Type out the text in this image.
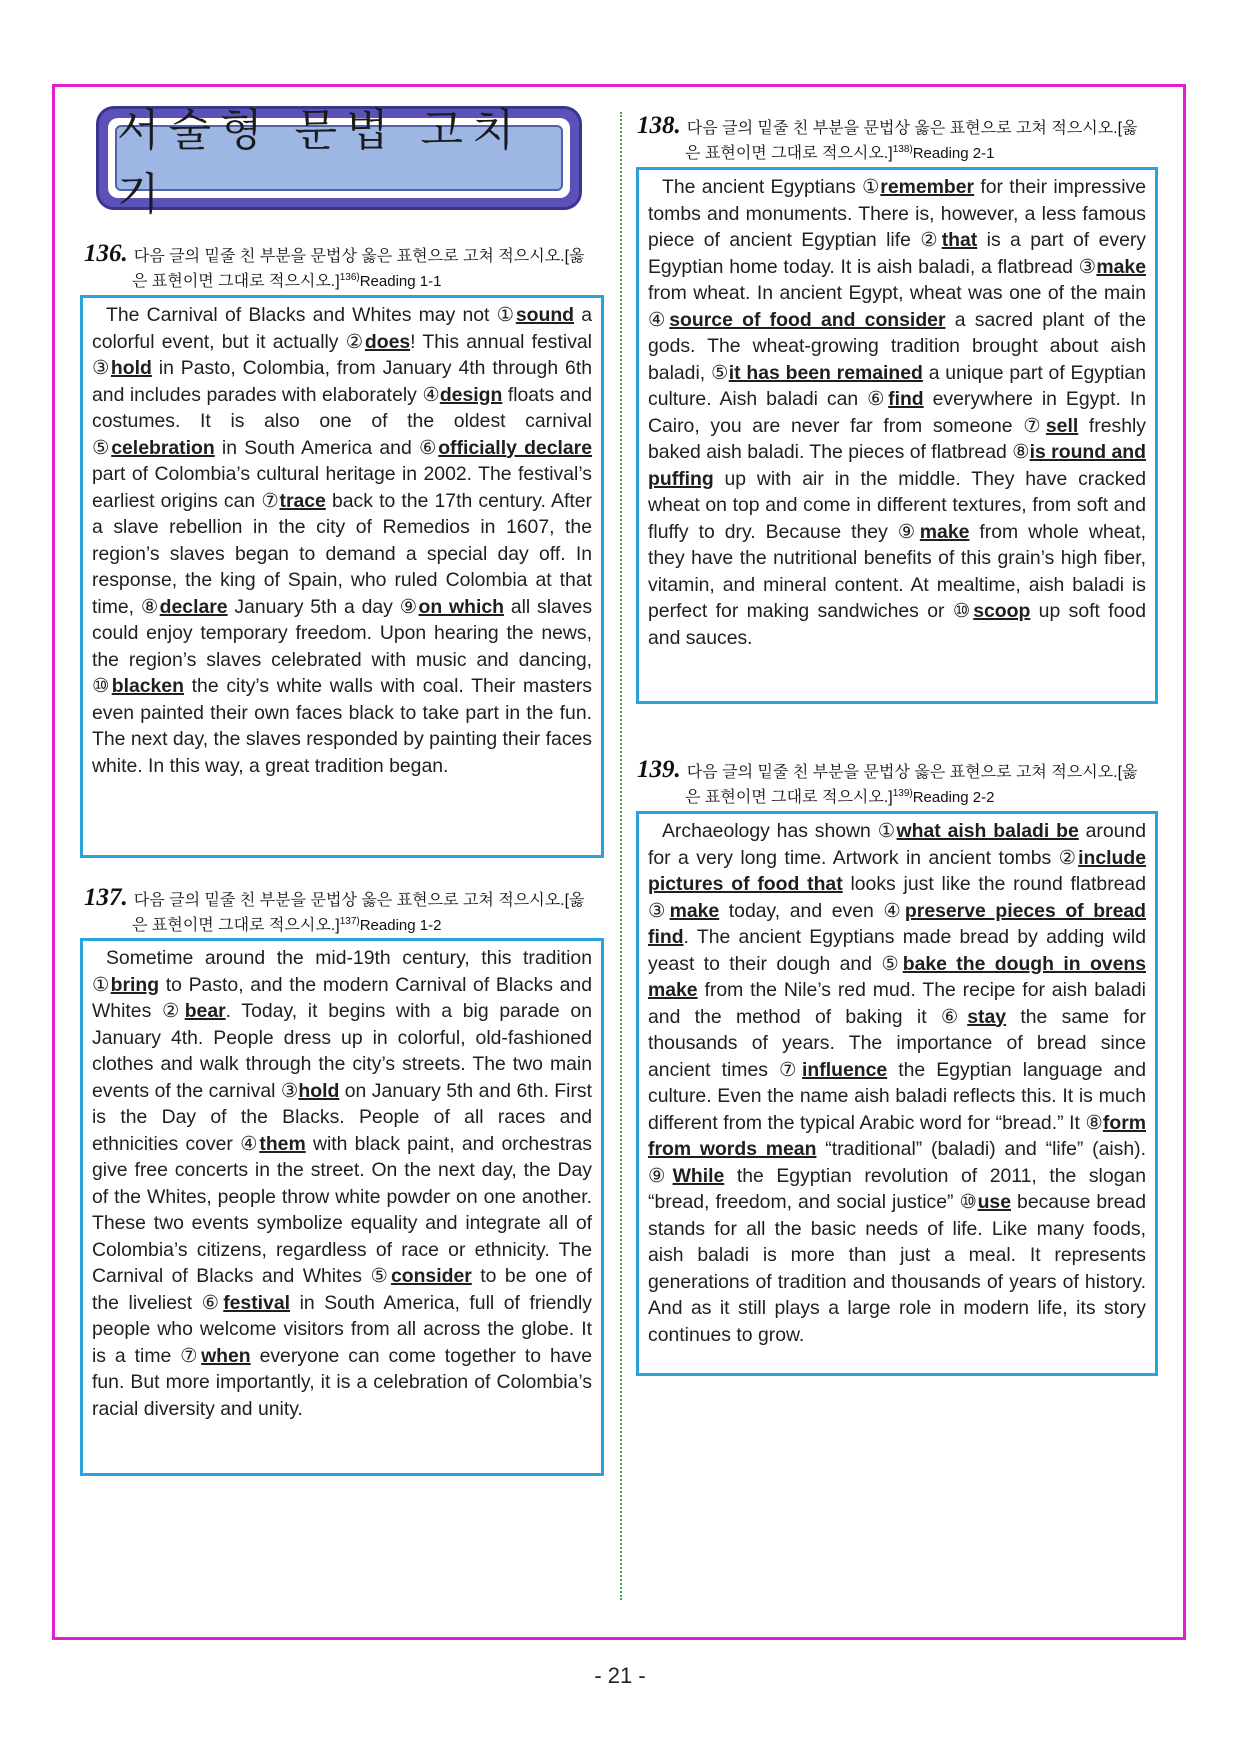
서술형 문법 고치기
136. 다음 글의 밑줄 친 부분을 문법상 옳은 표현으로 고쳐 적으시오.[옳
은 표현이면 그대로 적으시오.]$^{136)}$Reading 1-1

The Carnival of Blacks and Whites may not ①sound a colorful event, but it actually ②does! This annual festival ③hold in Pasto, Colombia, from January 4th through 6th and includes parades with elaborately ④design floats and costumes. It is also one of the oldest carnival ⑤celebration in South America and ⑥officially declare part of Colombia’s cultural heritage in 2002. The festival’s earliest origins can ⑦trace back to the 17th century. After a slave rebellion in the city of Remedios in 1607, the region’s slaves began to demand a special day off. In response, the king of Spain, who ruled Colombia at that time, ⑧declare January 5th a day ⑨on which all slaves could enjoy temporary freedom. Upon hearing the news, the region’s slaves celebrated with music and dancing, ⑩blacken the city’s white walls with coal. Their masters even painted their own faces black to take part in the fun. The next day, the slaves responded by painting their faces white. In this way, a great tradition began.

137. 다음 글의 밑줄 친 부분을 문법상 옳은 표현으로 고쳐 적으시오.[옳
은 표현이면 그대로 적으시오.]$^{137)}$Reading 1-2

Sometime around the mid-19th century, this tradition ①bring to Pasto, and the modern Carnival of Blacks and Whites ②bear. Today, it begins with a big parade on January 4th. People dress up in colorful, old-fashioned clothes and walk through the city’s streets. The two main events of the carnival ③hold on January 5th and 6th. First is the Day of the Blacks. People of all races and ethnicities cover ④them with black paint, and orchestras give free concerts in the street. On the next day, the Day of the Whites, people throw white powder on one another. These two events symbolize equality and integrate all of Colombia’s citizens, regardless of race or ethnicity. The Carnival of Blacks and Whites ⑤consider to be one of the liveliest ⑥festival in South America, full of friendly people who welcome visitors from all across the globe. It is a time ⑦when everyone can come together to have fun. But more importantly, it is a celebration of Colombia’s racial diversity and unity.

138. 다음 글의 밑줄 친 부분을 문법상 옳은 표현으로 고쳐 적으시오.[옳
은 표현이면 그대로 적으시오.]$^{138)}$Reading 2-1

The ancient Egyptians ①remember for their impressive tombs and monuments. There is, however, a less famous piece of ancient Egyptian life ②that is a part of every Egyptian home today. It is aish baladi, a flatbread ③make from wheat. In ancient Egypt, wheat was one of the main ④source of food and consider a sacred plant of the gods. The wheat-growing tradition brought about aish baladi, ⑤it has been remained a unique part of Egyptian culture. Aish baladi can ⑥find everywhere in Egypt. In Cairo, you are never far from someone ⑦sell freshly baked aish baladi. The pieces of flatbread ⑧is round and puffing up with air in the middle. They have cracked wheat on top and come in different textures, from soft and fluffy to dry. Because they ⑨make from whole wheat, they have the nutritional benefits of this grain’s high fiber, vitamin, and mineral content. At mealtime, aish baladi is perfect for making sandwiches or ⑩scoop up soft food and sauces.

139. 다음 글의 밑줄 친 부분을 문법상 옳은 표현으로 고쳐 적으시오.[옳
은 표현이면 그대로 적으시오.]$^{139)}$Reading 2-2

Archaeology has shown ①what aish baladi be around for a very long time. Artwork in ancient tombs ②include pictures of food that looks just like the round flatbread ③make today, and even ④preserve pieces of bread find. The ancient Egyptians made bread by adding wild yeast to their dough and ⑤bake the dough in ovens make from the Nile’s red mud. The recipe for aish baladi and the method of baking it ⑥stay the same for thousands of years. The importance of bread since ancient times ⑦influence the Egyptian language and culture. Even the name aish baladi reflects this. It is much different from the typical Arabic word for “bread.” It ⑧form from words mean “traditional” (baladi) and “life” (aish). ⑨While the Egyptian revolution of 2011, the slogan “bread, freedom, and social justice” ⑩use because bread stands for all the basic needs of life. Like many foods, aish baladi is more than just a meal. It represents generations of tradition and thousands of years of history. And as it still plays a large role in modern life, its story continues to grow.

- 21 -
